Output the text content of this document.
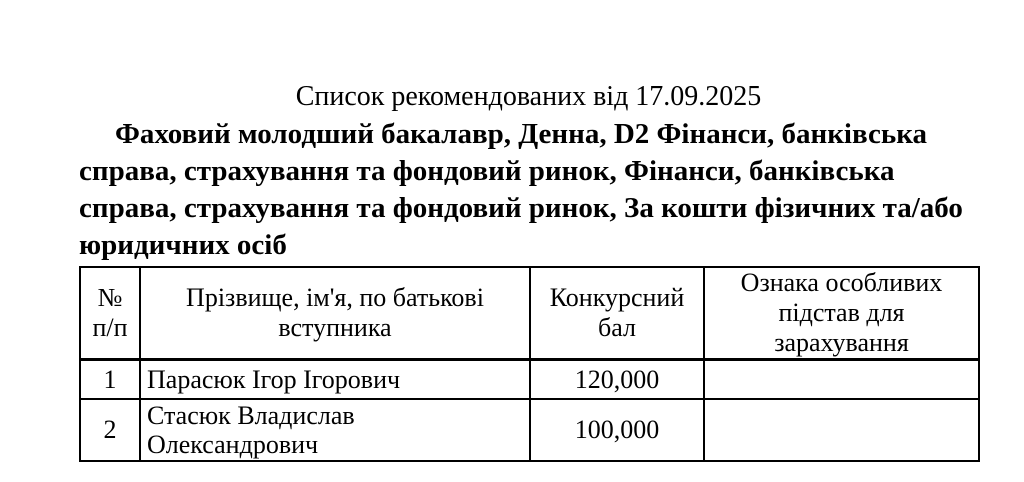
Список рекомендованих від 17.09.2025

Фаховий молодший бакалавр, Денна, D2 Фінанси, банківська справа, страхування та фондовий ринок, Фінанси, банківська справа, страхування та фондовий ринок, За кошти фізичних та/або юридичних осіб

№ п/п	Прізвище, ім'я, по батькові вступника	Конкурсний бал	Ознака особливих підстав для зарахування
1	Парасюк Ігор Ігорович	120,000	
2	Стасюк Владислав Олександрович	100,000	
